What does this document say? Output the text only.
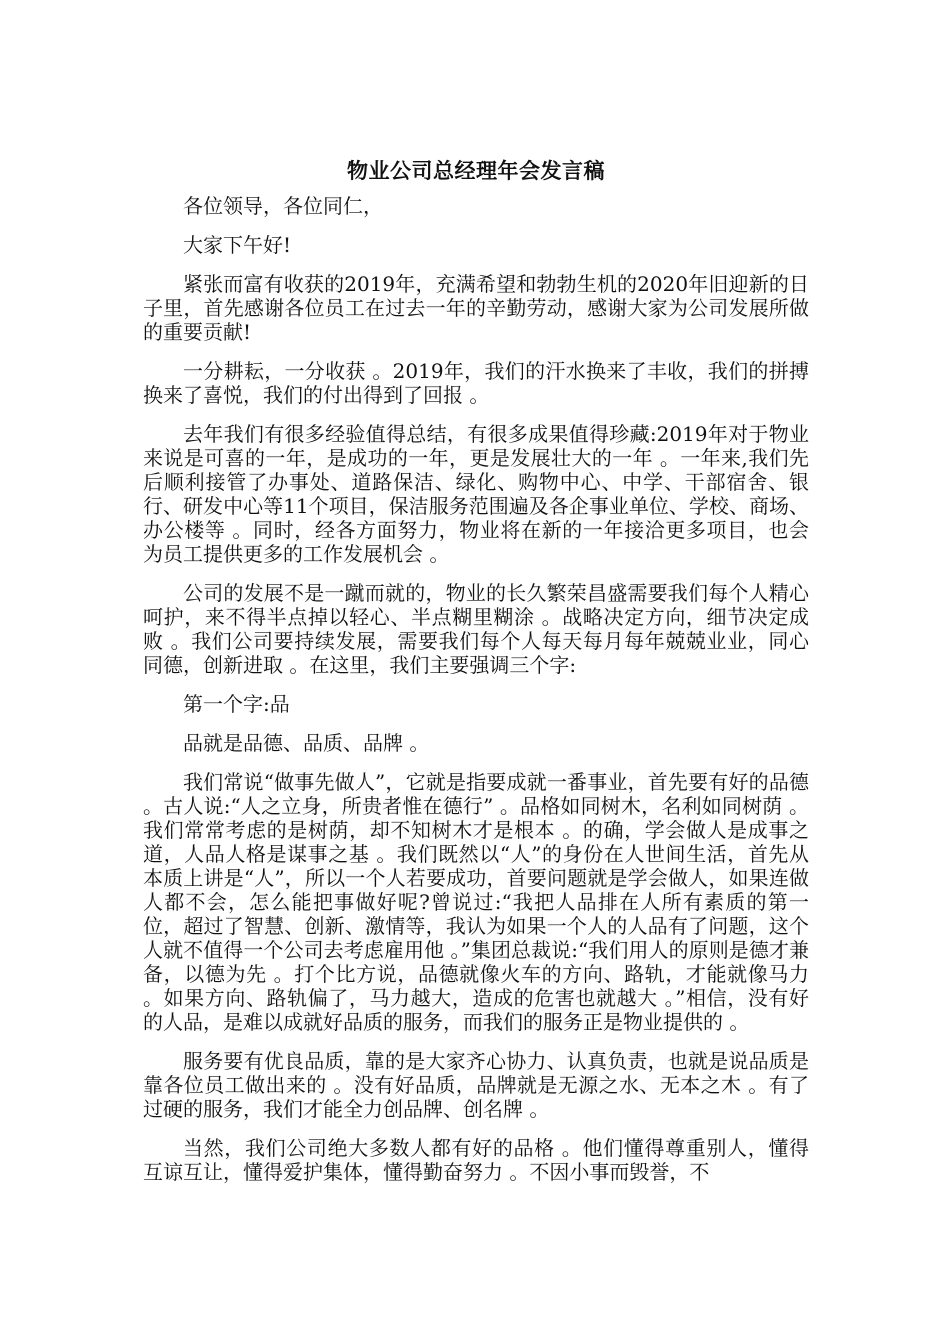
物业公司总经理年会发言稿

各位领导，各位同仁，

大家下午好!

紧张而富有收获的2019年，充满希望和勃勃生机的2020年旧迎新的日子里，首先感谢各位员工在过去一年的辛勤劳动，感谢大家为公司发展所做的重要贡献!

一分耕耘，一分收获 。2019年，我们的汗水换来了丰收，我们的拼搏换来了喜悦，我们的付出得到了回报 。

去年我们有很多经验值得总结，有很多成果值得珍藏:2019年对于物业来说是可喜的一年，是成功的一年，更是发展壮大的一年 。一年来,我们先后顺利接管了办事处、道路保洁、绿化、购物中心、中学、干部宿舍、银行、研发中心等11个项目，保洁服务范围遍及各企事业单位、学校、商场、办公楼等 。同时，经各方面努力，物业将在新的一年接洽更多项目，也会为员工提供更多的工作发展机会 。

公司的发展不是一蹴而就的，物业的长久繁荣昌盛需要我们每个人精心呵护，来不得半点掉以轻心、半点糊里糊涂 。战略决定方向，细节决定成败 。我们公司要持续发展，需要我们每个人每天每月每年兢兢业业，同心同德，创新进取 。在这里，我们主要强调三个字:

第一个字:品

品就是品德、品质、品牌 。

我们常说“做事先做人”，它就是指要成就一番事业，首先要有好的品德 。古人说:“人之立身，所贵者惟在德行” 。品格如同树木，名利如同树荫 。我们常常考虑的是树荫，却不知树木才是根本 。的确，学会做人是成事之道，人品人格是谋事之基 。我们既然以“人”的身份在人世间生活，首先从本质上讲是“人”，所以一个人若要成功，首要问题就是学会做人，如果连做人都不会，怎么能把事做好呢?曾说过:“我把人品排在人所有素质的第一位，超过了智慧、创新、激情等，我认为如果一个人的人品有了问题，这个人就不值得一个公司去考虑雇用他 。”集团总裁说:“我们用人的原则是德才兼备，以德为先 。打个比方说，品德就像火车的方向、路轨，才能就像马力 。如果方向、路轨偏了，马力越大，造成的危害也就越大 。”相信，没有好的人品，是难以成就好品质的服务，而我们的服务正是物业提供的 。

服务要有优良品质，靠的是大家齐心协力、认真负责，也就是说品质是靠各位员工做出来的 。没有好品质，品牌就是无源之水、无本之木 。有了过硬的服务，我们才能全力创品牌、创名牌 。

当然，我们公司绝大多数人都有好的品格 。他们懂得尊重别人，懂得互谅互让，懂得爱护集体，懂得勤奋努力 。不因小事而毁誉，不
